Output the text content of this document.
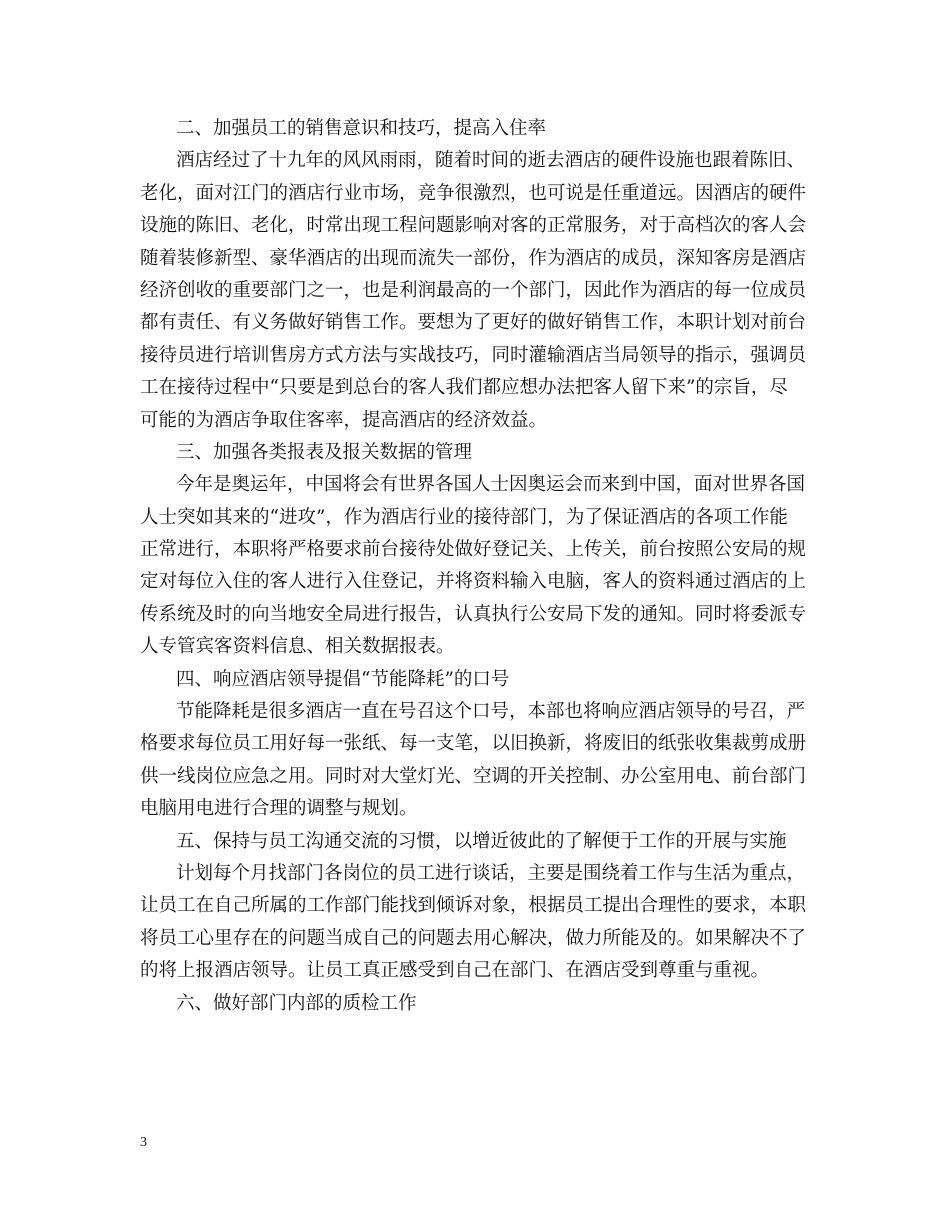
二、加强员工的销售意识和技巧，提高入住率
酒店经过了十九年的风风雨雨，随着时间的逝去酒店的硬件设施也跟着陈旧、
老化，面对江门的酒店行业市场，竞争很激烈，也可说是任重道远。因酒店的硬件
设施的陈旧、老化，时常出现工程问题影响对客的正常服务，对于高档次的客人会
随着装修新型、豪华酒店的出现而流失一部份，作为酒店的成员，深知客房是酒店
经济创收的重要部门之一，也是利润最高的一个部门，因此作为酒店的每一位成员
都有责任、有义务做好销售工作。要想为了更好的做好销售工作，本职计划对前台
接待员进行培训售房方式方法与实战技巧，同时灌输酒店当局领导的指示，强调员
工在接待过程中“只要是到总台的客人我们都应想办法把客人留下来”的宗旨，尽
可能的为酒店争取住客率，提高酒店的经济效益。
三、加强各类报表及报关数据的管理
今年是奥运年，中国将会有世界各国人士因奥运会而来到中国，面对世界各国
人士突如其来的“进攻”，作为酒店行业的接待部门，为了保证酒店的各项工作能
正常进行，本职将严格要求前台接待处做好登记关、上传关，前台按照公安局的规
定对每位入住的客人进行入住登记，并将资料输入电脑，客人的资料通过酒店的上
传系统及时的向当地安全局进行报告，认真执行公安局下发的通知。同时将委派专
人专管宾客资料信息、相关数据报表。
四、响应酒店领导提倡“节能降耗”的口号
节能降耗是很多酒店一直在号召这个口号，本部也将响应酒店领导的号召，严
格要求每位员工用好每一张纸、每一支笔，以旧换新，将废旧的纸张收集裁剪成册
供一线岗位应急之用。同时对大堂灯光、空调的开关控制、办公室用电、前台部门
电脑用电进行合理的调整与规划。
五、保持与员工沟通交流的习惯，以增近彼此的了解便于工作的开展与实施
计划每个月找部门各岗位的员工进行谈话，主要是围绕着工作与生活为重点，
让员工在自己所属的工作部门能找到倾诉对象，根据员工提出合理性的要求，本职
将员工心里存在的问题当成自己的问题去用心解决，做力所能及的。如果解决不了
的将上报酒店领导。让员工真正感受到自己在部门、在酒店受到尊重与重视。
六、做好部门内部的质检工作
3
